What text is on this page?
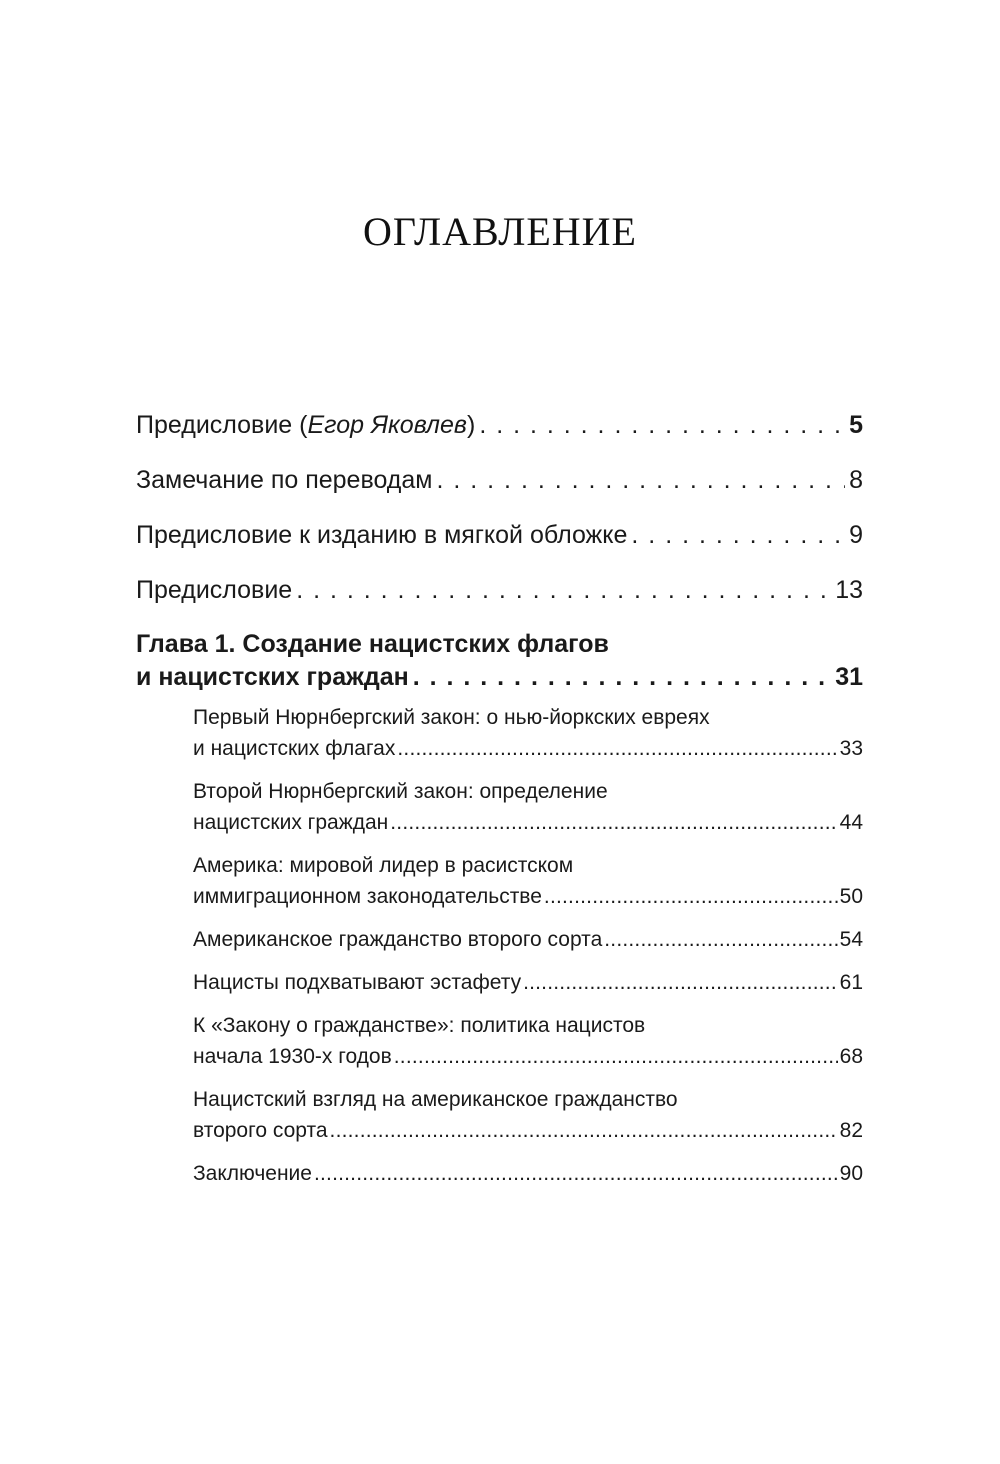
ОГЛАВЛЕНИЕ
Предисловие (Егор Яковлев) . . .	5
Замечание по переводам . . .	8
Предисловие к изданию в мягкой обложке . . .	9
Предисловие . . .	13
Глава 1. Создание нацистских флагов
и нацистских граждан . . .	31
Первый Нюрнбергский закон: о нью-йоркских евреях
и нацистских флагах .....	33
Второй Нюрнбергский закон: определение
нацистских граждан .....	44
Америка: мировой лидер в расистском
иммиграционном законодательстве .....	50
Американское гражданство второго сорта .....	54
Нацисты подхватывают эстафету .....	61
К «Закону о гражданстве»: политика нацистов
начала 1930-х годов .....	68
Нацистский взгляд на американское гражданство
второго сорта .....	82
Заключение .....	90
